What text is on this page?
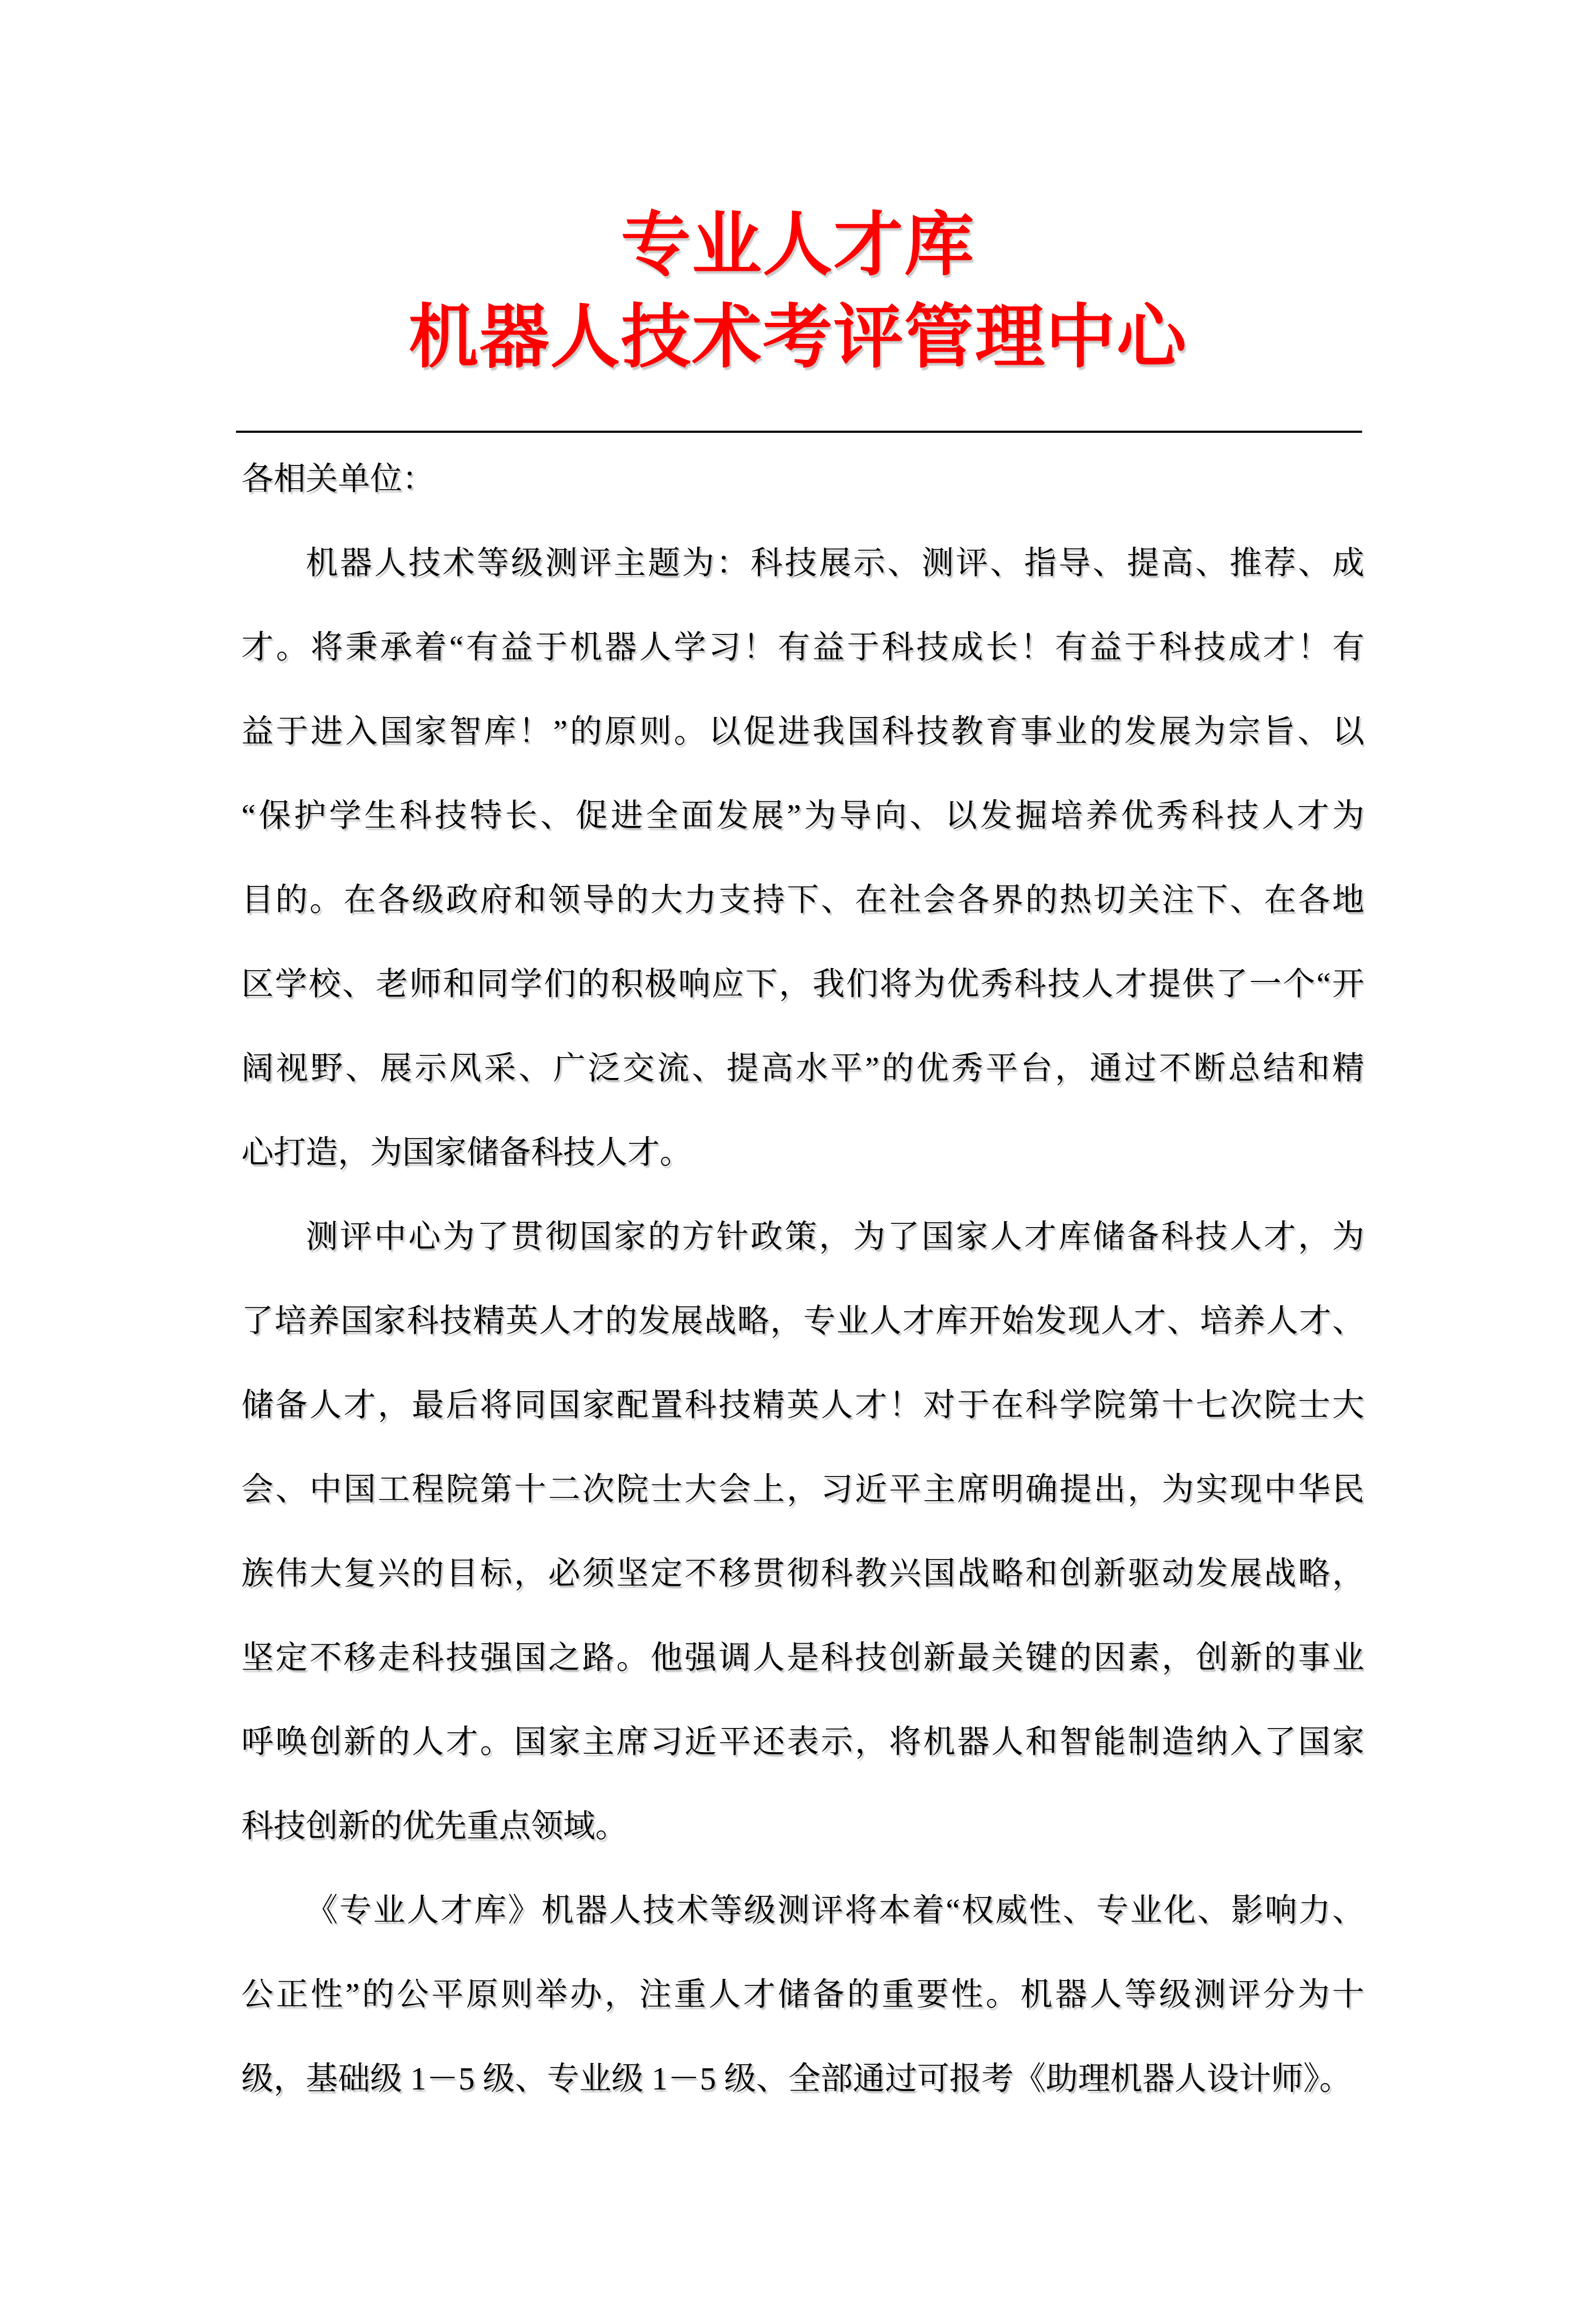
专业人才库
机器人技术考评管理中心
各相关单位：
机器人技术等级测评主题为：科技展示、测评、指导、提高、推荐、成
才。将秉承着“有益于机器人学习！有益于科技成长！有益于科技成才！有
益于进入国家智库！”的原则。以促进我国科技教育事业的发展为宗旨、以
“保护学生科技特长、促进全面发展”为导向、以发掘培养优秀科技人才为
目的。在各级政府和领导的大力支持下、在社会各界的热切关注下、在各地
区学校、老师和同学们的积极响应下，我们将为优秀科技人才提供了一个“开
阔视野、展示风采、广泛交流、提高水平”的优秀平台，通过不断总结和精
心打造，为国家储备科技人才。
测评中心为了贯彻国家的方针政策，为了国家人才库储备科技人才，为
了培养国家科技精英人才的发展战略，专业人才库开始发现人才、培养人才、
储备人才，最后将同国家配置科技精英人才！对于在科学院第十七次院士大
会、中国工程院第十二次院士大会上，习近平主席明确提出，为实现中华民
族伟大复兴的目标，必须坚定不移贯彻科教兴国战略和创新驱动发展战略，
坚定不移走科技强国之路。他强调人是科技创新最关键的因素，创新的事业
呼唤创新的人才。国家主席习近平还表示，将机器人和智能制造纳入了国家
科技创新的优先重点领域。
《专业人才库》机器人技术等级测评将本着“权威性、专业化、影响力、
公正性”的公平原则举办，注重人才储备的重要性。机器人等级测评分为十
级，基础级 1－5 级、专业级 1－5 级、全部通过可报考《助理机器人设计师》。
